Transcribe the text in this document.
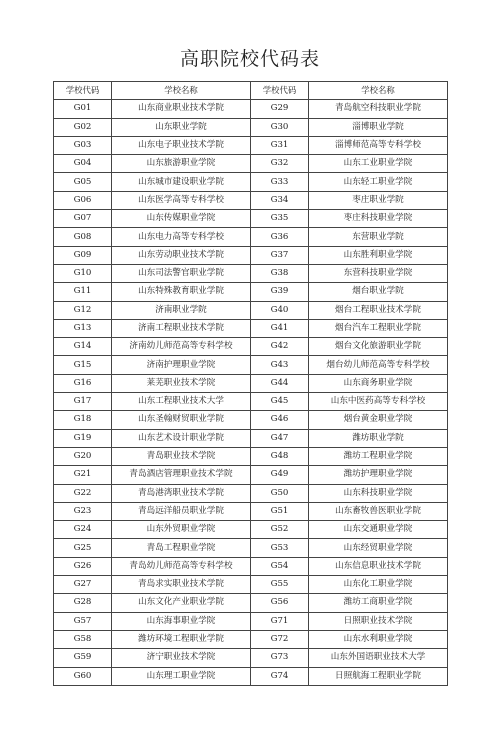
高职院校代码表
学校代码	学校名称	学校代码	学校名称
G01	山东商业职业技术学院	G29	青岛航空科技职业学院
G02	山东职业学院	G30	淄博职业学院
G03	山东电子职业技术学院	G31	淄博师范高等专科学校
G04	山东旅游职业学院	G32	山东工业职业学院
G05	山东城市建设职业学院	G33	山东轻工职业学院
G06	山东医学高等专科学校	G34	枣庄职业学院
G07	山东传媒职业学院	G35	枣庄科技职业学院
G08	山东电力高等专科学校	G36	东营职业学院
G09	山东劳动职业技术学院	G37	山东胜利职业学院
G10	山东司法警官职业学院	G38	东营科技职业学院
G11	山东特殊教育职业学院	G39	烟台职业学院
G12	济南职业学院	G40	烟台工程职业技术学院
G13	济南工程职业技术学院	G41	烟台汽车工程职业学院
G14	济南幼儿师范高等专科学校	G42	烟台文化旅游职业学院
G15	济南护理职业学院	G43	烟台幼儿师范高等专科学校
G16	莱芜职业技术学院	G44	山东商务职业学院
G17	山东工程职业技术大学	G45	山东中医药高等专科学校
G18	山东圣翰财贸职业学院	G46	烟台黄金职业学院
G19	山东艺术设计职业学院	G47	潍坊职业学院
G20	青岛职业技术学院	G48	潍坊工程职业学院
G21	青岛酒店管理职业技术学院	G49	潍坊护理职业学院
G22	青岛港湾职业技术学院	G50	山东科技职业学院
G23	青岛远洋船员职业学院	G51	山东畜牧兽医职业学院
G24	山东外贸职业学院	G52	山东交通职业学院
G25	青岛工程职业学院	G53	山东经贸职业学院
G26	青岛幼儿师范高等专科学校	G54	山东信息职业技术学院
G27	青岛求实职业技术学院	G55	山东化工职业学院
G28	山东文化产业职业学院	G56	潍坊工商职业学院
G57	山东海事职业学院	G71	日照职业技术学院
G58	潍坊环境工程职业学院	G72	山东水利职业学院
G59	济宁职业技术学院	G73	山东外国语职业技术大学
G60	山东理工职业学院	G74	日照航海工程职业学院
